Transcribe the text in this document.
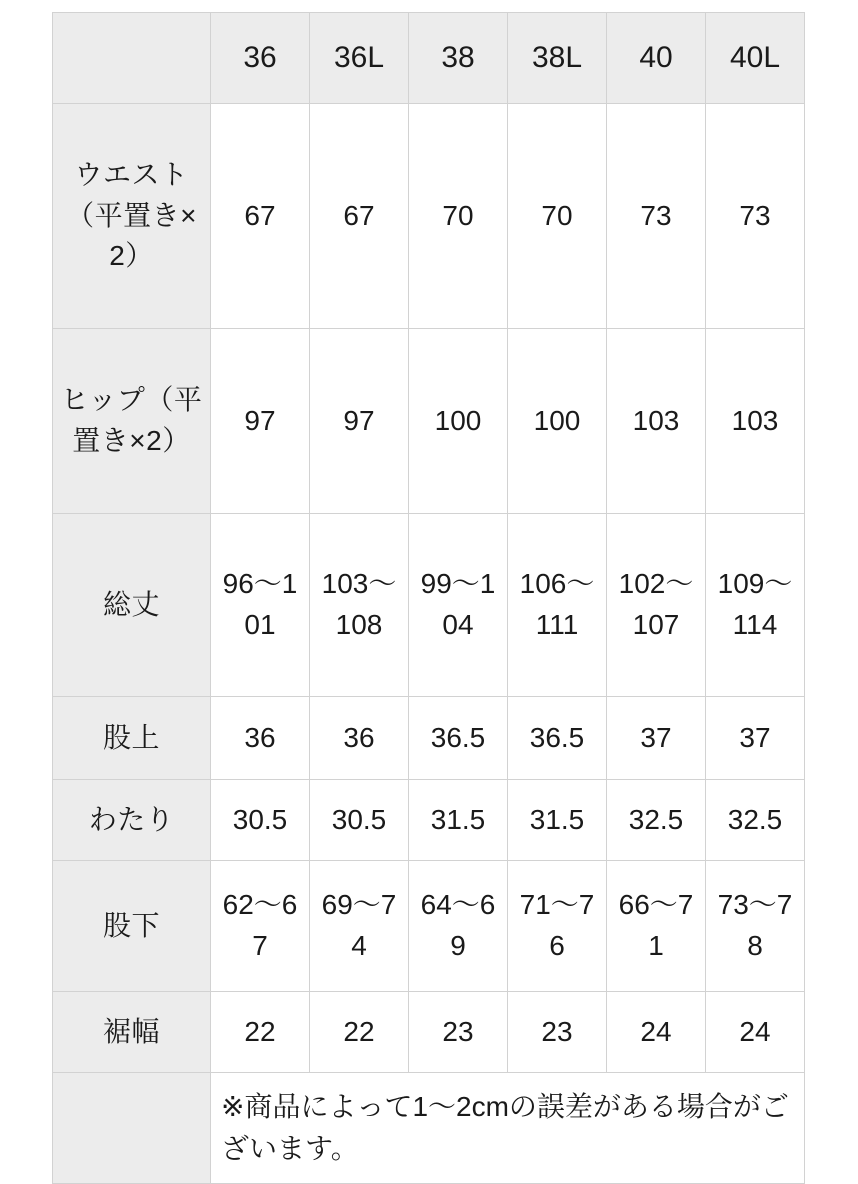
	36	36L	38	38L	40	40L
ウエスト（平置き×2）	67	67	70	70	73	73
ヒップ（平置き×2）	97	97	100	100	103	103
総丈	96〜101	103〜108	99〜104	106〜111	102〜107	109〜114
股上	36	36	36.5	36.5	37	37
わたり	30.5	30.5	31.5	31.5	32.5	32.5
股下	62〜67	69〜74	64〜69	71〜76	66〜71	73〜78
裾幅	22	22	23	23	24	24
	※商品によって1〜2cmの誤差がある場合がございます。					
